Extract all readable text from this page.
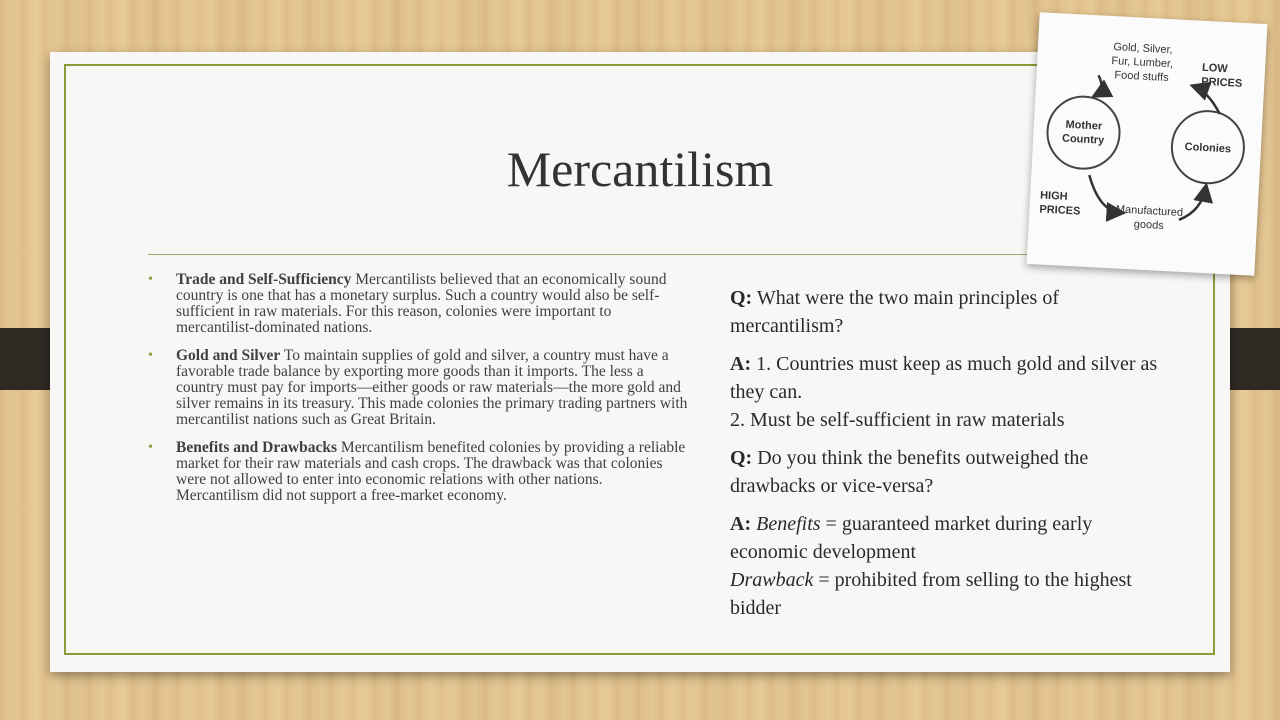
Mercantilism
• Trade and Self-Sufficiency Mercantilists believed that an economically sound country is one that has a monetary surplus. Such a country would also be self-sufficient in raw materials. For this reason, colonies were important to mercantilist-dominated nations.
• Gold and Silver To maintain supplies of gold and silver, a country must have a favorable trade balance by exporting more goods than it imports. The less a country must pay for imports—either goods or raw materials—the more gold and silver remains in its treasury. This made colonies the primary trading partners with mercantilist nations such as Great Britain.
• Benefits and Drawbacks Mercantilism benefited colonies by providing a reliable market for their raw materials and cash crops. The drawback was that colonies were not allowed to enter into economic relations with other nations. Mercantilism did not support a free-market economy.

Q: What were the two main principles of mercantilism?

A: 1. Countries must keep as much gold and silver as they can.
2. Must be self-sufficient in raw materials

Q: Do you think the benefits outweighed the drawbacks or vice-versa?

A: Benefits = guaranteed market during early economic development
Drawback = prohibited from selling to the highest bidder

Mother
Country
Colonies
Gold, Silver,
Fur, Lumber,
Food stuffs
LOW
PRICES
HIGH
PRICES	Manufactured
goods
